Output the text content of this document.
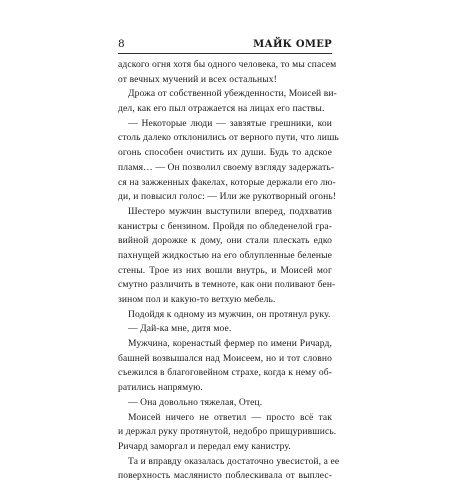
8	МАЙК ОМЕР
адского огня хотя бы одного человека, то мы спасем
от вечных мучений и всех остальных!
Дрожа от собственной убежденности, Моисей ви-
дел, как его пыл отражается на лицах его паствы.
— Некоторые люди — завзятые грешники, кои
столь далеко отклонились от верного пути, что лишь
огонь способен очистить их души. Будь то адское
пламя… — Он позволил своему взгляду задержать-
ся на зажженных факелах, которые держали его лю-
ди, и повысил голос: — Или же рукотворный огонь!
Шестеро мужчин выступили вперед, подхватив
канистры с бензином. Пройдя по обледенелой гра-
вийной дорожке к дому, они стали плескать едко
пахнущей жидкостью на его облупленные беленые
стены. Трое из них вошли внутрь, и Моисей мог
смутно различить в темноте, как они поливают бен-
зином пол и какую-то ветхую мебель.
Подойдя к одному из мужчин, он протянул руку.
— Дай-ка мне, дитя мое.
Мужчина, коренастый фермер по имени Ричард,
башней возвышался над Моисеем, но и тот словно
съежился в благоговейном страхе, когда к нему об-
ратились напрямую.
— Она довольно тяжелая, Отец.
Моисей ничего не ответил — просто всё так
и держал руку протянутой, недобро прищурившись.
Ричард заморгал и передал ему канистру.
Та и вправду оказалась достаточно увесистой, а ее
поверхность маслянисто поблескивала от выплес-
